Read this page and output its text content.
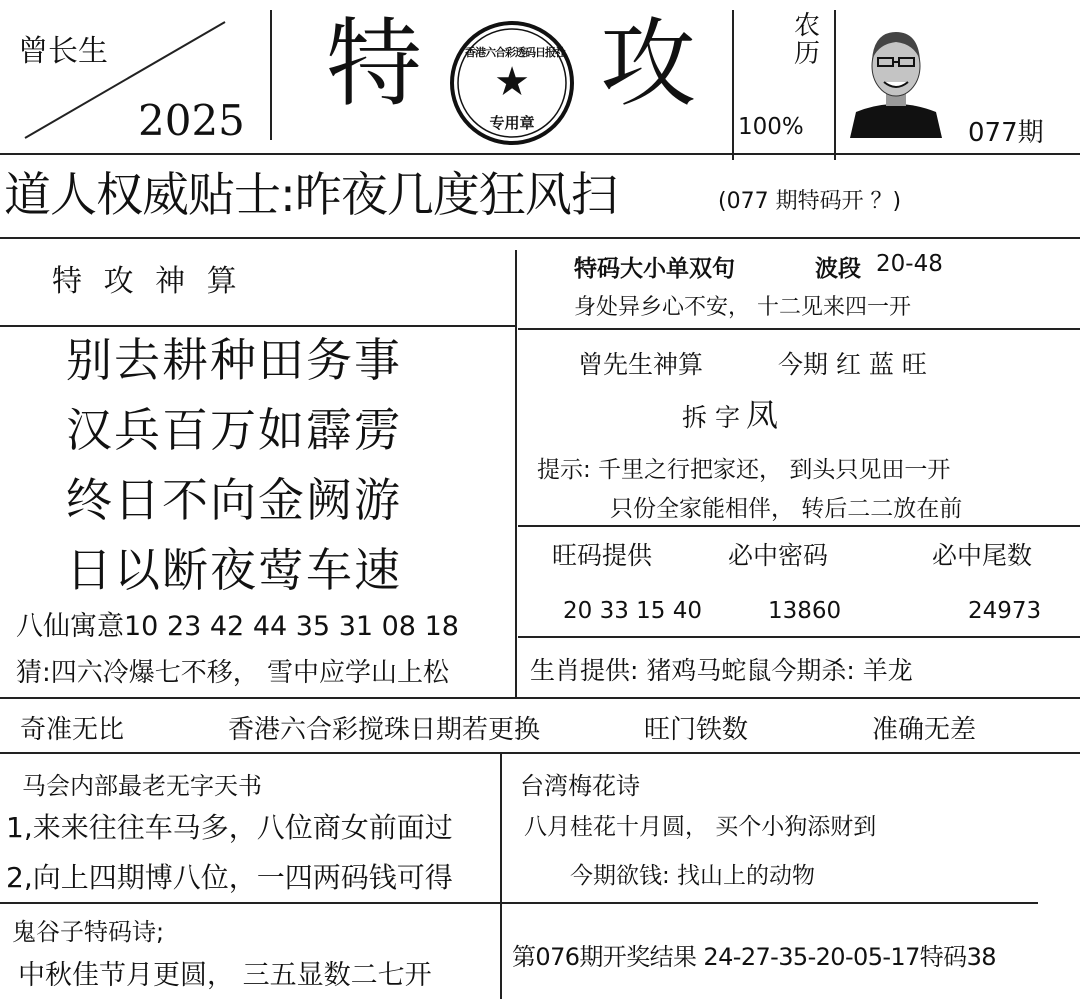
曾长生
2025
特 攻
香港六合彩透码日报社
★
专用章
农历
100%	077期
道人权威贴士:昨夜几度狂风扫	(077 期特码开 ？)
特 攻 神 算
别去耕种田务事
汉兵百万如霹雳
终日不向金阙游
日以断夜莺车速
八仙寓意10 23 42 44 35 31 08 18
猜:四六冷爆七不移， 雪中应学山上松
特码大小单双句	波段 20-48
身处异乡心不安， 十二见来四一开
曾先生神算	今期 红 蓝 旺
拆 字 凤
提示: 千里之行把家还， 到头只见田一开
只份全家能相伴， 转后二二放在前
旺码提供	必中密码	必中尾数
20 33 15 40	13860	24973
生肖提供: 猪鸡马蛇鼠今期杀: 羊龙
奇准无比	香港六合彩搅珠日期若更换	旺门铁数	准确无差
马会内部最老无字天书
1,来来往往车马多，八位商女前面过
2,向上四期博八位，一四两码钱可得
鬼谷子特码诗;
中秋佳节月更圆， 三五显数二七开
台湾梅花诗
八月桂花十月圆， 买个小狗添财到
今期欲钱: 找山上的动物
第076期开奖结果 24-27-35-20-05-17特码38
